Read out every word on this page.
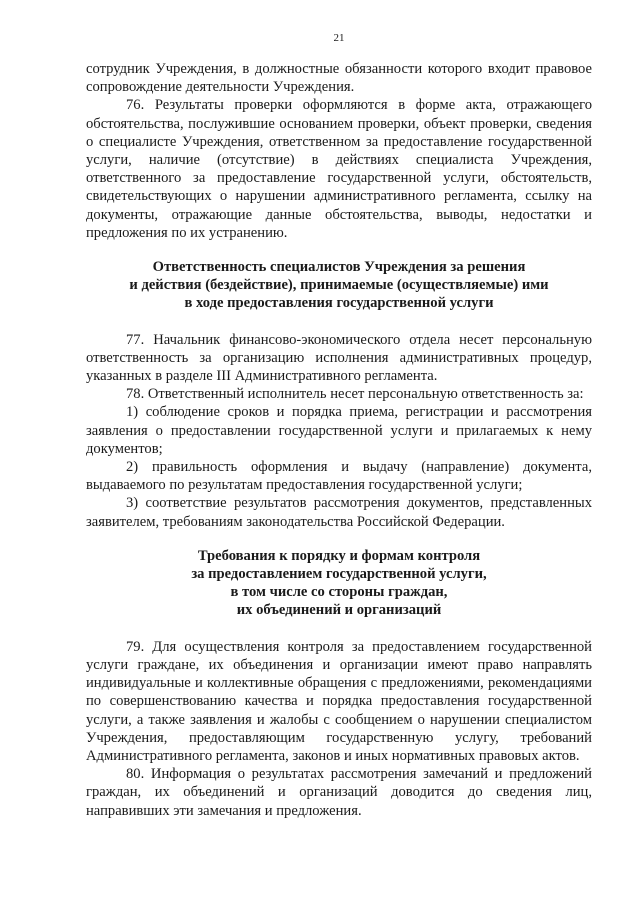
21

сотрудник Учреждения, в должностные обязанности которого входит правовое сопровождение деятельности Учреждения.

76. Результаты проверки оформляются в форме акта, отражающего обстоятельства, послужившие основанием проверки, объект проверки, сведения о специалисте Учреждения, ответственном за предоставление государственной услуги, наличие (отсутствие) в действиях специалиста Учреждения, ответственного за предоставление государственной услуги, обстоятельств, свидетельствующих о нарушении административного регламента, ссылку на документы, отражающие данные обстоятельства, выводы, недостатки и предложения по их устранению.

Ответственность специалистов Учреждения за решения
и действия (бездействие), принимаемые (осуществляемые) ими
в ходе предоставления государственной услуги

77. Начальник финансово-экономического отдела несет персональную ответственность за организацию исполнения административных процедур, указанных в разделе III Административного регламента.

78. Ответственный исполнитель несет персональную ответственность за:

1) соблюдение сроков и порядка приема, регистрации и рассмотрения заявления о предоставлении государственной услуги и прилагаемых к нему документов;

2) правильность оформления и выдачу (направление) документа, выдаваемого по результатам предоставления государственной услуги;

3) соответствие результатов рассмотрения документов, представленных заявителем, требованиям законодательства Российской Федерации.

Требования к порядку и формам контроля
за предоставлением государственной услуги,
в том числе со стороны граждан,
их объединений и организаций

79. Для осуществления контроля за предоставлением государственной услуги граждане, их объединения и организации имеют право направлять индивидуальные и коллективные обращения с предложениями, рекомендациями по совершенствованию качества и порядка предоставления государственной услуги, а также заявления и жалобы с сообщением о нарушении специалистом Учреждения, предоставляющим государственную услугу, требований Административного регламента, законов и иных нормативных правовых актов.

80. Информация о результатах рассмотрения замечаний и предложений граждан, их объединений и организаций доводится до сведения лиц, направивших эти замечания и предложения.
